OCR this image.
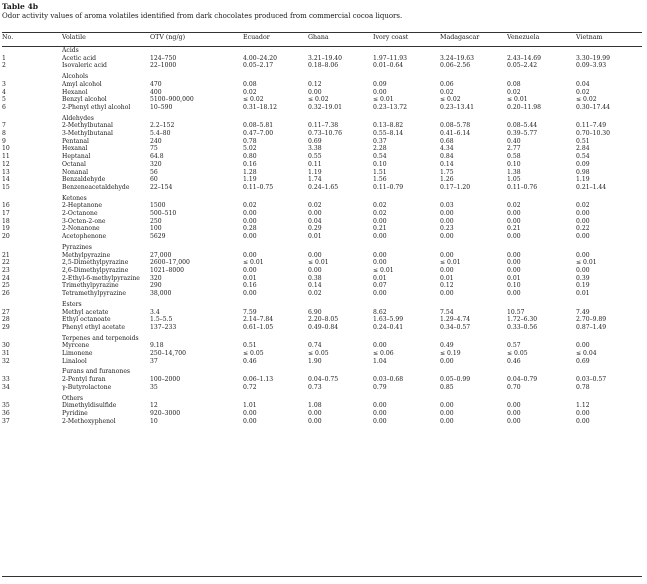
Table 4b
Odor activity values of aroma volatiles identified from dark chocolates produced from commercial cocoa liquors.
No.	Volatile	OTV (ng/g)	Ecuador	Ghana	Ivory coast	Madagascar	Venezuela	Vietnam
	Acids							
1	Acetic acid	124–750	4.00–24.20	3.21–19.40	1.97–11.93	3.24–19.63	2.43–14.69	3.30–19.99
2	Isovaleric acid	22–1000	0.05–2.17	0.18–8.06	0.01–0.64	0.06–2.56	0.05–2.42	0.09–3.93
	Alcohols							
3	Amyl alcohol	470	0.08	0.12	0.09	0.06	0.08	0.04
4	Hexanol	400	0.02	0.00	0.00	0.02	0.02	0.02
5	Benzyl alcohol	5100–900,000	≤ 0.02	≤ 0.02	≤ 0.01	≤ 0.02	≤ 0.01	≤ 0.02
6	2-Phenyl ethyl alcohol	10–590	0.31–18.12	0.32–19.01	0.23–13.72	0.23–13.41	0.20–11.98	0.30–17.44
	Aldehydes							
7	2-Methylbutanal	2.2–152	0.08–5.81	0.11–7.38	0.13–8.82	0.08–5.78	0.08–5.44	0.11–7.49
8	3-Methylbutanal	5.4–80	0.47–7.00	0.73–10.76	0.55–8.14	0.41–6.14	0.39–5.77	0.70–10.30
9	Pentanal	240	0.78	0.69	0.37	0.68	0.40	0.51
10	Hexanal	75	5.02	3.38	2.28	4.34	2.77	2.84
11	Heptanal	64.8	0.80	0.55	0.54	0.84	0.58	0.54
12	Octanal	320	0.16	0.11	0.10	0.14	0.10	0.09
13	Nonanal	56	1.28	1.19	1.51	1.75	1.38	0.98
14	Benzaldehyde	60	1.19	1.74	1.56	1.26	1.05	1.19
15	Benzeneacetaldehyde	22–154	0.11–0.75	0.24–1.65	0.11–0.79	0.17–1.20	0.11–0.76	0.21–1.44
	Ketones							
16	2-Heptanone	1500	0.02	0.02	0.02	0.03	0.02	0.02
17	2-Octanone	500–510	0.00	0.00	0.02	0.00	0.00	0.00
18	3-Octen-2-one	250	0.00	0.04	0.00	0.00	0.00	0.00
19	2-Nonanone	100	0.28	0.29	0.21	0.23	0.21	0.22
20	Acetophenone	5629	0.00	0.01	0.00	0.00	0.00	0.00
	Pyrazines							
21	Methylpyrazine	27,000	0.00	0.00	0.00	0.00	0.00	0.00
22	2,5-Dimethylpyrazine	2600–17,000	≤ 0.01	≤ 0.01	0.00	≤ 0.01	0.00	≤ 0.01
23	2,6-Dimethylpyrazine	1021–8000	0.00	0.00	≤ 0.01	0.00	0.00	0.00
24	2-Ethyl-6-methylpyrazine	320	0.01	0.38	0.01	0.01	0.01	0.39
25	Trimethylpyrazine	290	0.16	0.14	0.07	0.12	0.10	0.19
26	Tetramethylpyrazine	38,000	0.00	0.02	0.00	0.00	0.00	0.01
	Esters							
27	Methyl acetate	3.4	7.59	6.90	8.62	7.54	10.57	7.49
28	Ethyl octanoate	1.5–5.5	2.14–7.84	2.20–8.05	1.63–5.99	1.29–4.74	1.72–6.30	2.70–9.89
29	Phenyl ethyl acetate	137–233	0.61–1.05	0.49–0.84	0.24–0.41	0.34–0.57	0.33–0.56	0.87–1.49
	Terpenes and terpenoids							
30	Myrcene	9.18	0.51	0.74	0.00	0.49	0.57	0.00
31	Limonene	250–14,700	≤ 0.05	≤ 0.05	≤ 0.06	≤ 0.19	≤ 0.05	≤ 0.04
32	Linalool	37	0.46	1.90	1.04	0.00	0.46	0.69
	Furans and furanones							
33	2-Pentyl furan	100–2000	0.06–1.13	0.04–0.75	0.03–0.68	0.05–0.99	0.04–0.79	0.03–0.57
34	γ-Butyrolactone	35	0.72	0.73	0.79	0.85	0.70	0.78
	Others							
35	Dimethyldisulfide	12	1.01	1.08	0.00	0.00	0.00	1.12
36	Pyridine	920–3000	0.00	0.00	0.00	0.00	0.00	0.00
37	2-Methoxyphenol	10	0.00	0.00	0.00	0.00	0.00	0.00
